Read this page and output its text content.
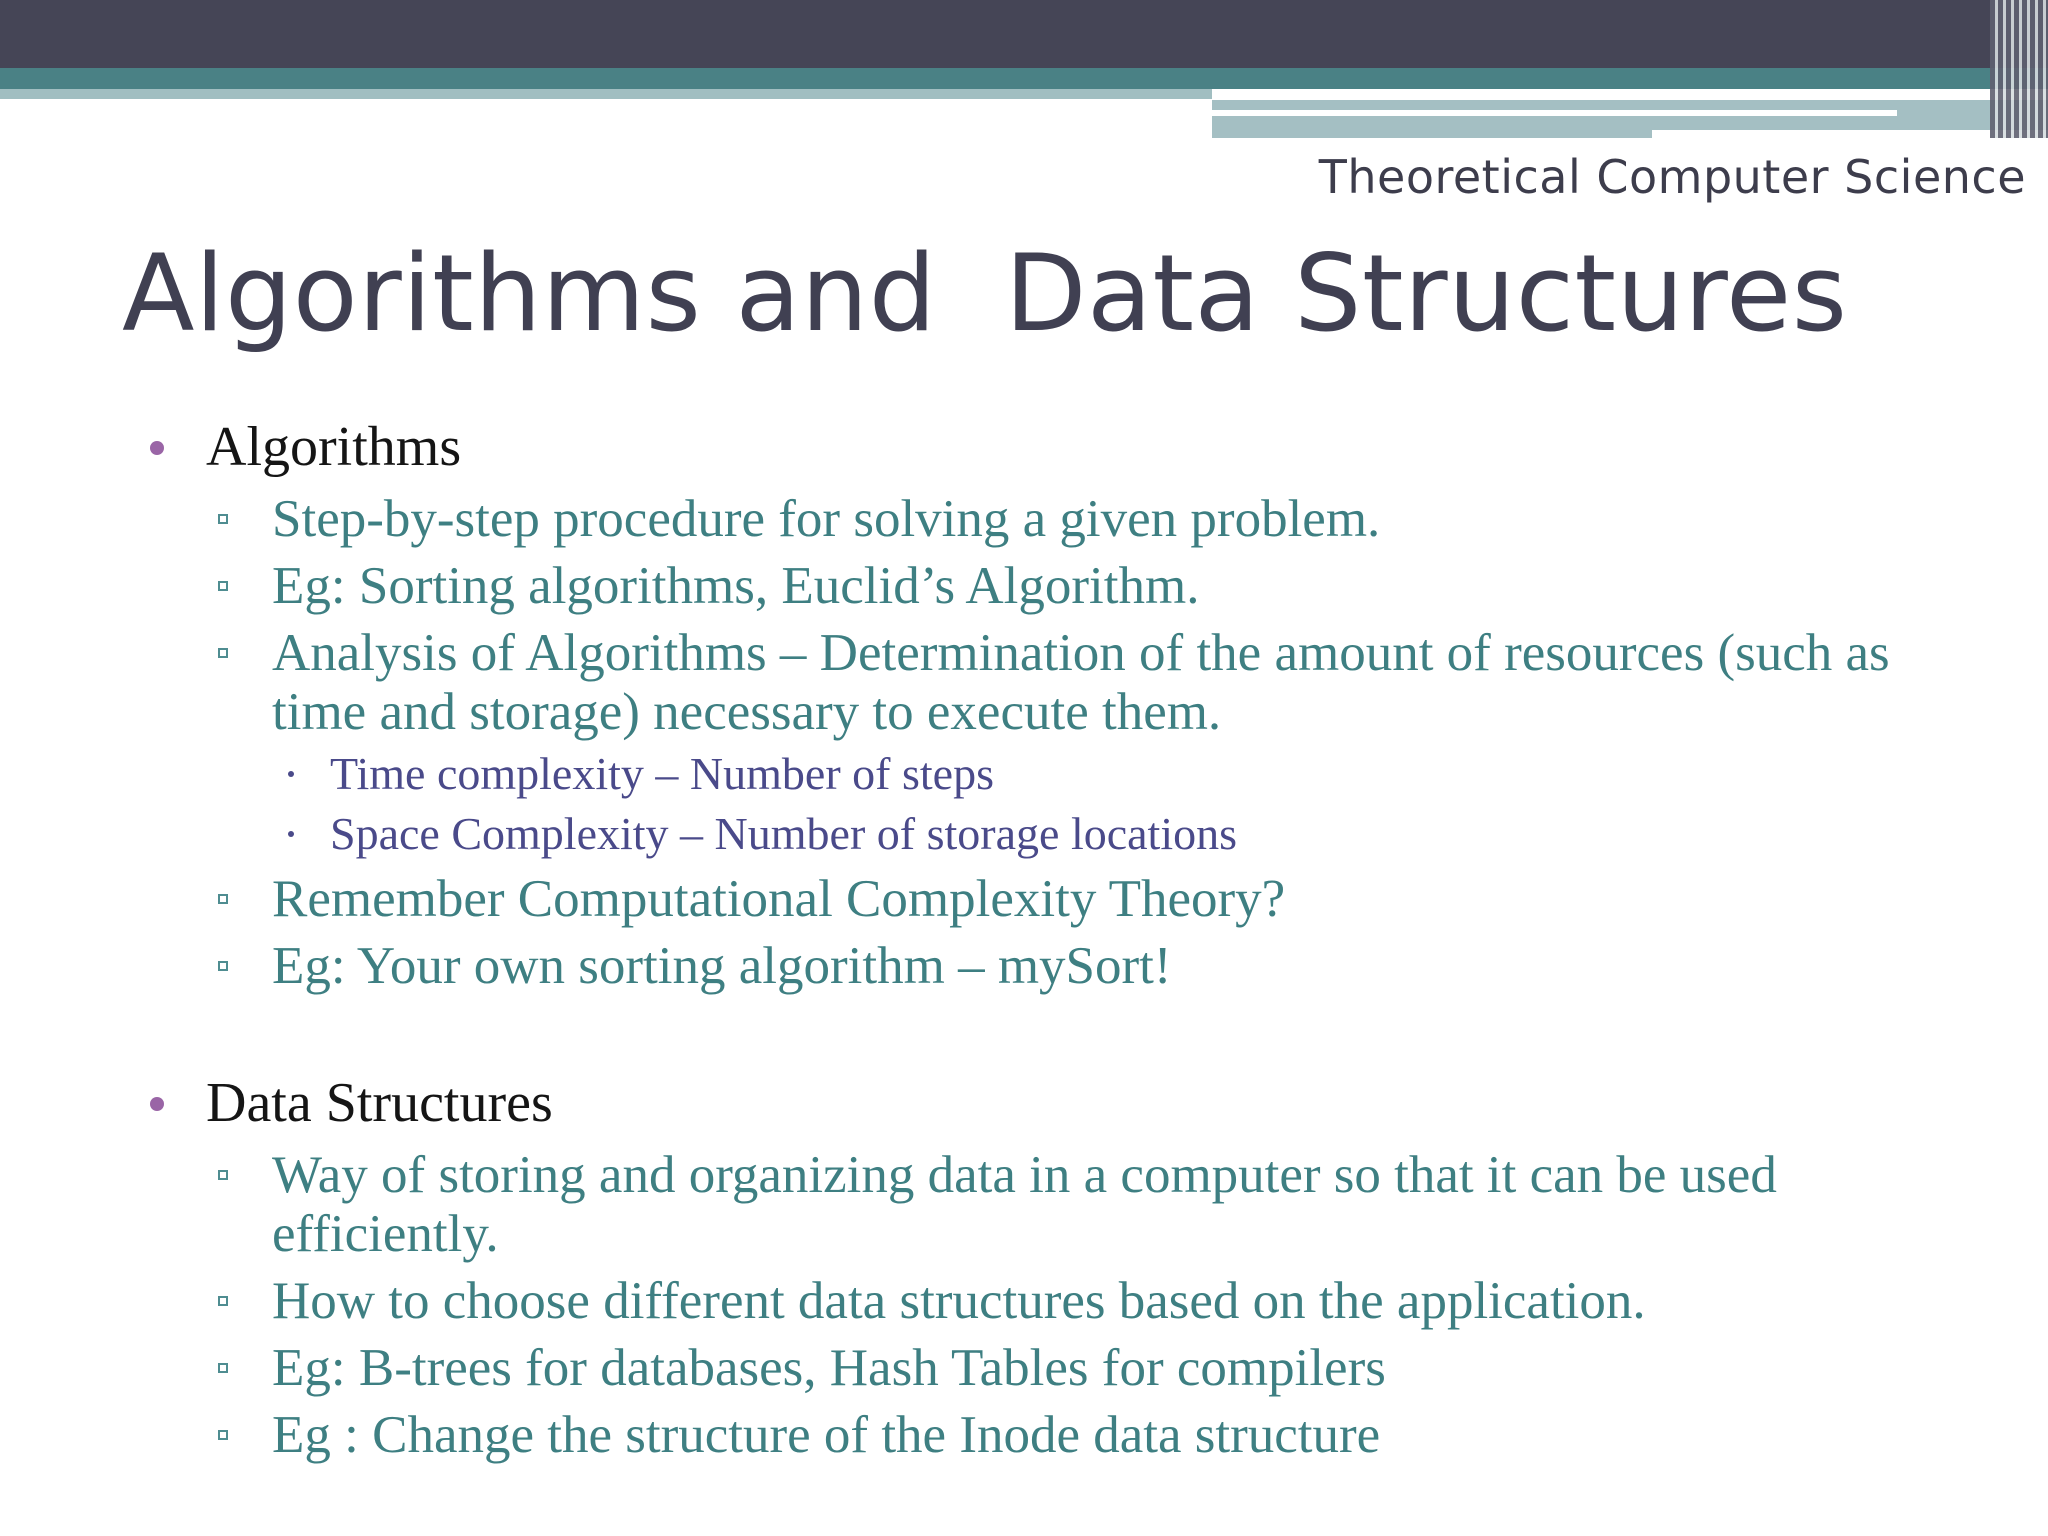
Theoretical Computer Science
Algorithms and  Data Structures
Algorithms
Step-by-step procedure for solving a given problem.
Eg: Sorting algorithms, Euclid’s Algorithm.
Analysis of Algorithms – Determination of the amount of resources (such as time and storage) necessary to execute them.
Time complexity – Number of steps
Space Complexity – Number of storage locations
Remember Computational Complexity Theory?
Eg: Your own sorting algorithm – mySort!
Data Structures
Way of storing and organizing data in a computer so that it can be used efficiently.
How to choose different data structures based on the application.
Eg: B-trees for databases, Hash Tables for compilers
Eg : Change the structure of the Inode data structure
